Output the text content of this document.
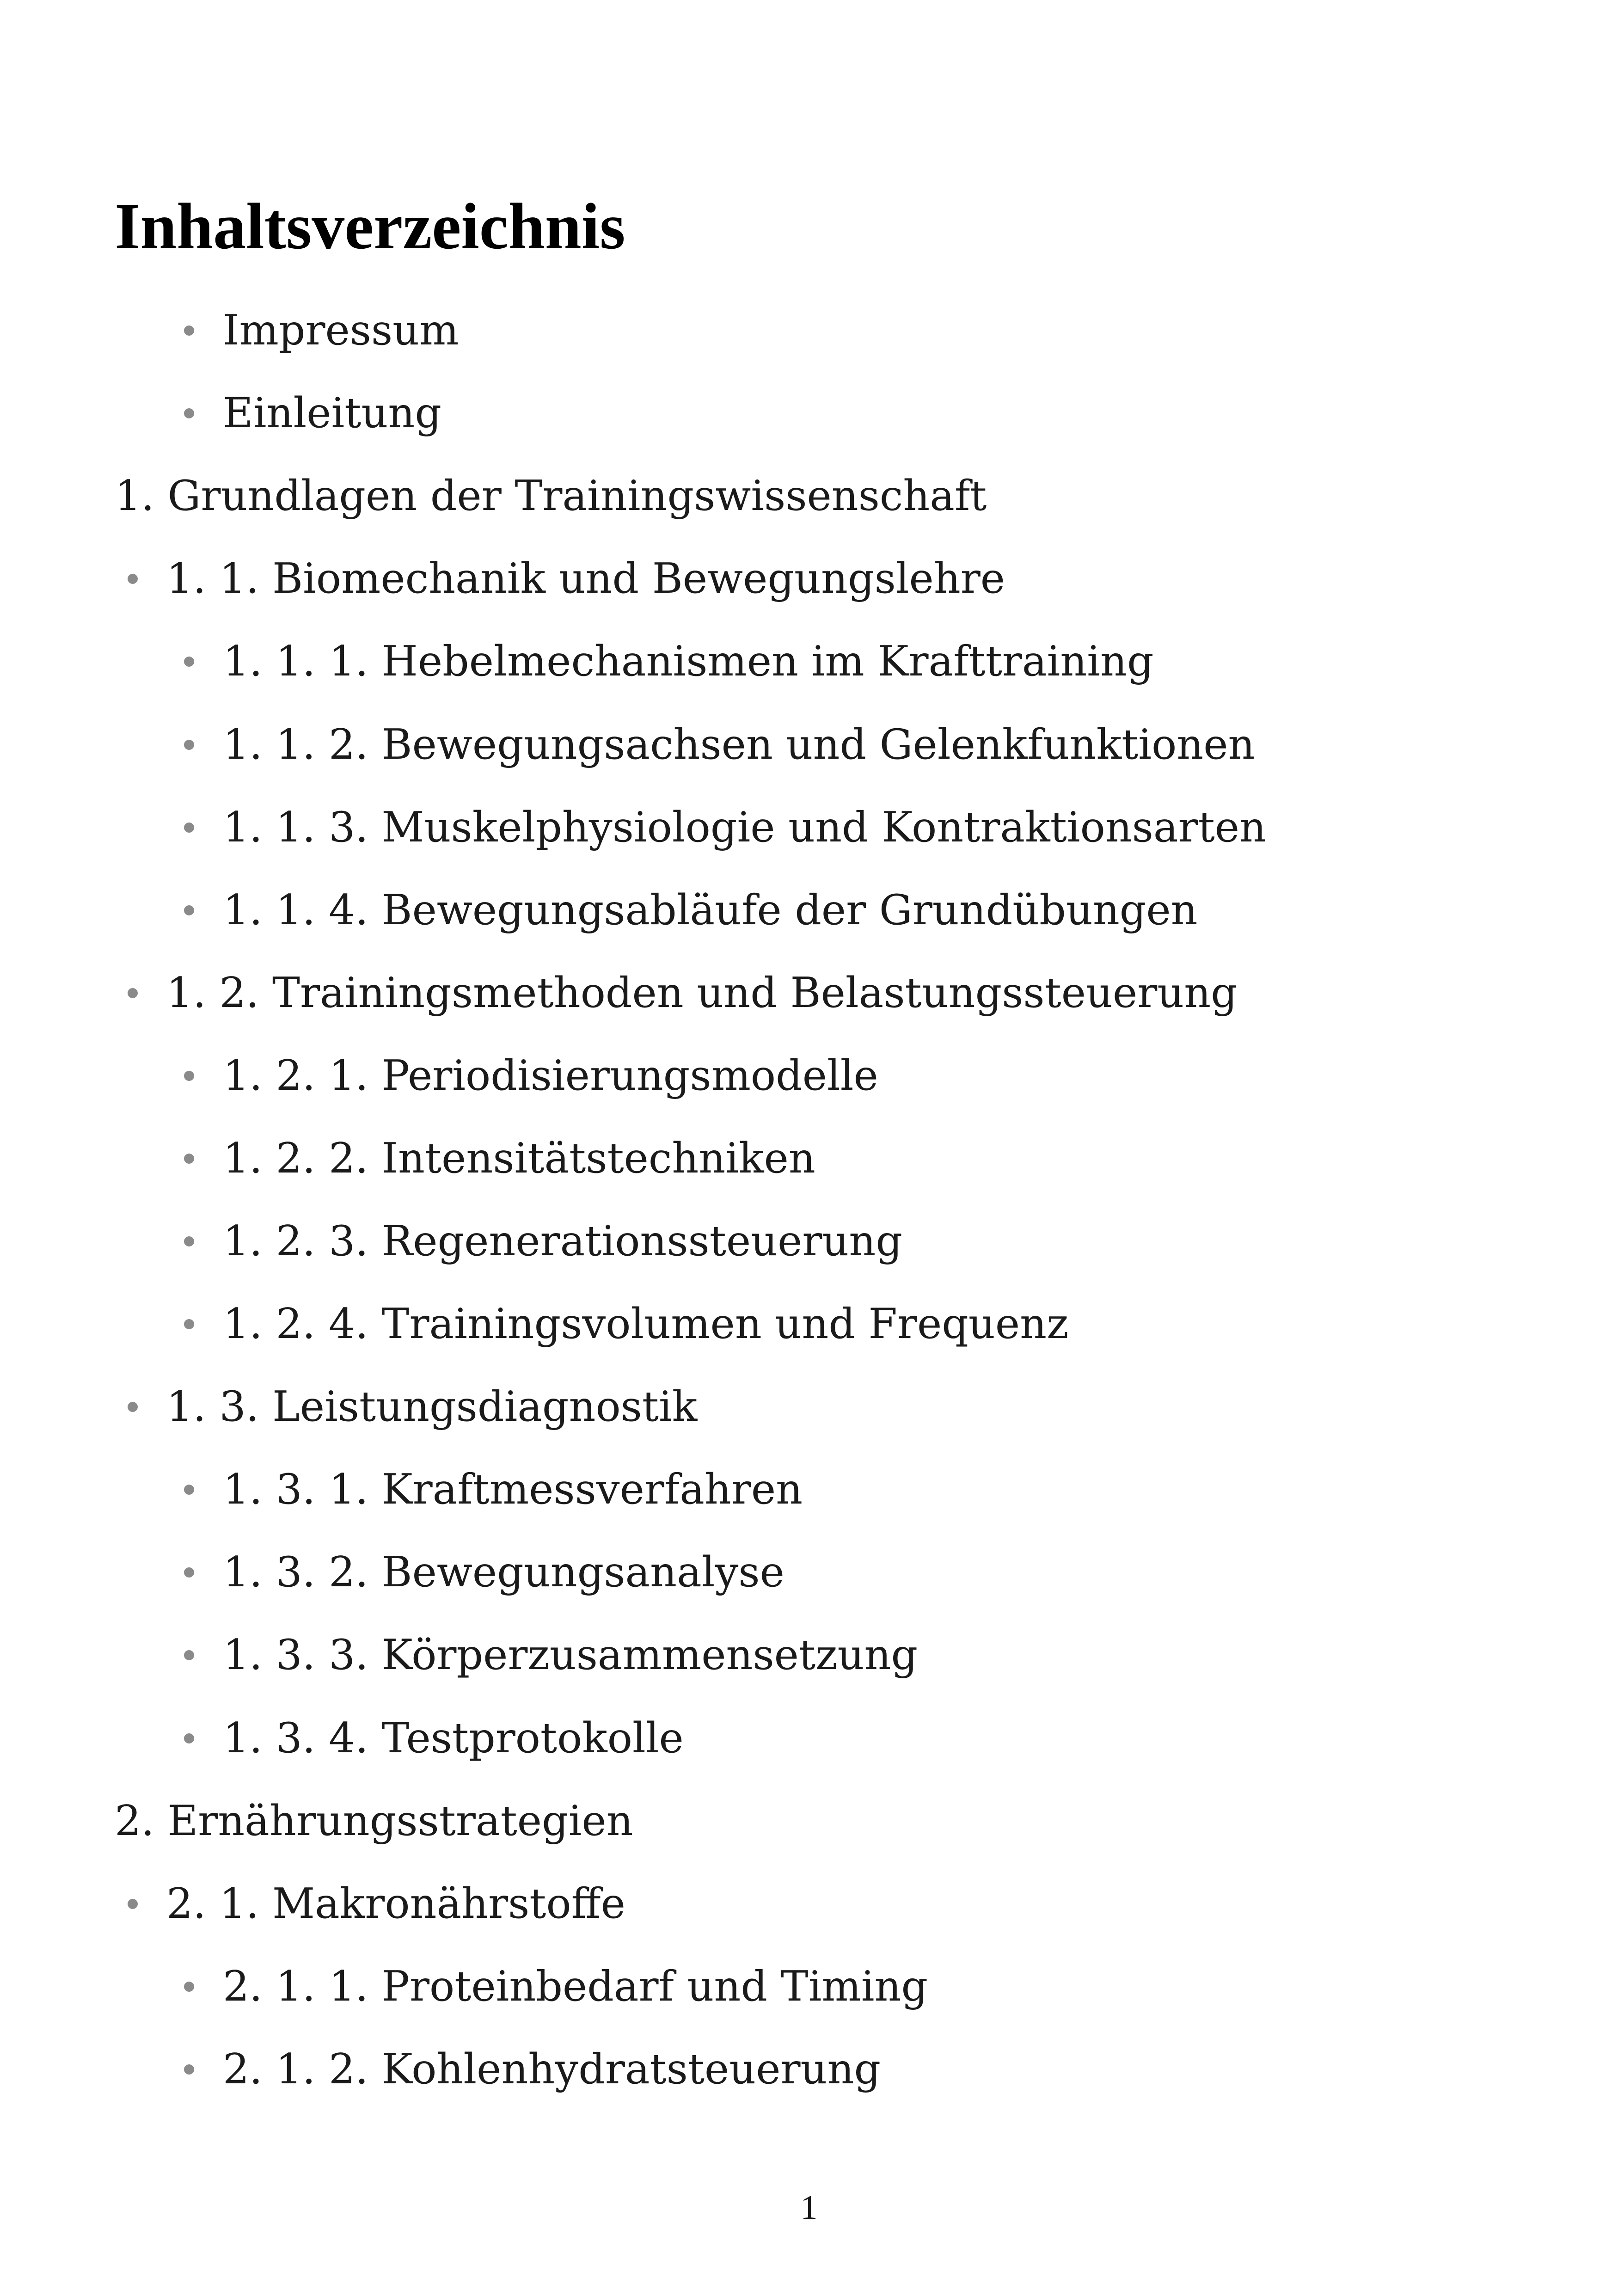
Inhaltsverzeichnis
Impressum
Einleitung
1. Grundlagen der Trainingswissenschaft
1. 1. Biomechanik und Bewegungslehre
1. 1. 1. Hebelmechanismen im Krafttraining
1. 1. 2. Bewegungsachsen und Gelenkfunktionen
1. 1. 3. Muskelphysiologie und Kontraktionsarten
1. 1. 4. Bewegungsabläufe der Grundübungen
1. 2. Trainingsmethoden und Belastungssteuerung
1. 2. 1. Periodisierungsmodelle
1. 2. 2. Intensitätstechniken
1. 2. 3. Regenerationssteuerung
1. 2. 4. Trainingsvolumen und Frequenz
1. 3. Leistungsdiagnostik
1. 3. 1. Kraftmessverfahren
1. 3. 2. Bewegungsanalyse
1. 3. 3. Körperzusammensetzung
1. 3. 4. Testprotokolle
2. Ernährungsstrategien
2. 1. Makronährstoffe
2. 1. 1. Proteinbedarf und Timing
2. 1. 2. Kohlenhydratsteuerung
1
